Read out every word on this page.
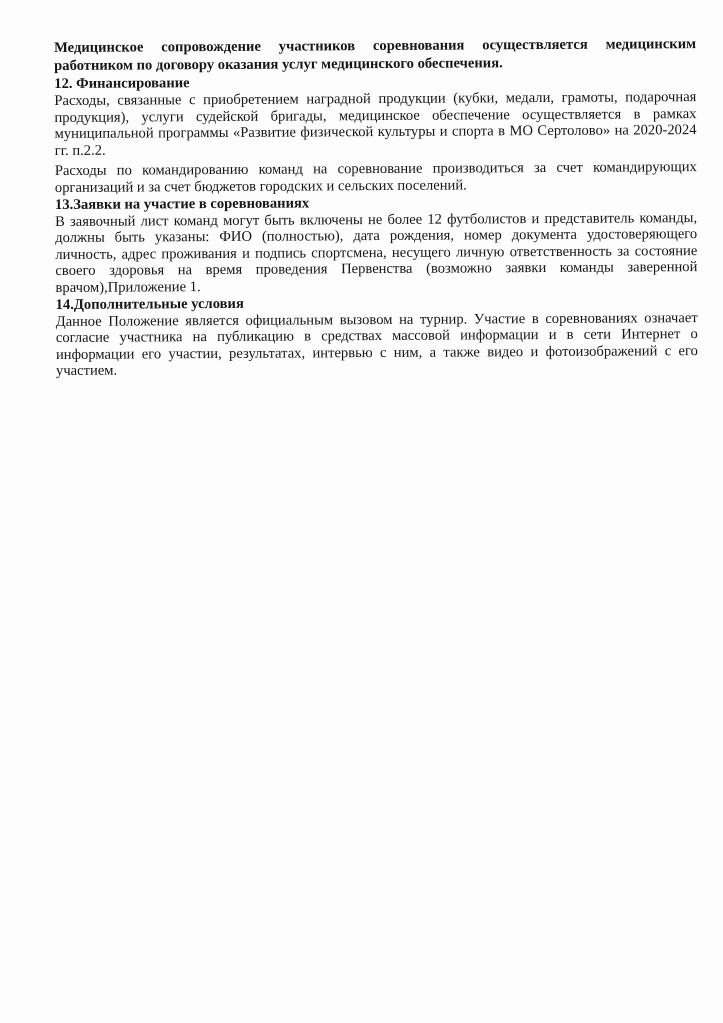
Медицинское сопровождение участников соревнования осуществляется медицинским работником по договору оказания услуг медицинского обеспечения.

12. Финансирование

Расходы, связанные с приобретением наградной продукции (кубки, медали, грамоты, подарочная продукция), услуги судейской бригады, медицинское обеспечение осуществляется в рамках муниципальной программы «Развитие физической культуры и спорта в МО Сертолово» на 2020-2024 гг. п.2.2.

Расходы по командированию команд на соревнование производиться за счет командирующих организаций и за счет бюджетов городских и сельских поселений.

13.Заявки на участие в соревнованиях

В заявочный лист команд могут быть включены не более 12 футболистов и представитель команды, должны быть указаны: ФИО (полностью), дата рождения, номер документа удостоверяющего личность, адрес проживания и подпись спортсмена, несущего личную ответственность за состояние своего здоровья на время проведения Первенства (возможно заявки команды заверенной врачом),Приложение 1.

14.Дополнительные условия

Данное Положение является официальным вызовом на турнир. Участие в соревнованиях означает согласие участника на публикацию в средствах массовой информации и в сети Интернет о информации его участии, результатах, интервью с ним, а также видео и фотоизображений с его участием.
